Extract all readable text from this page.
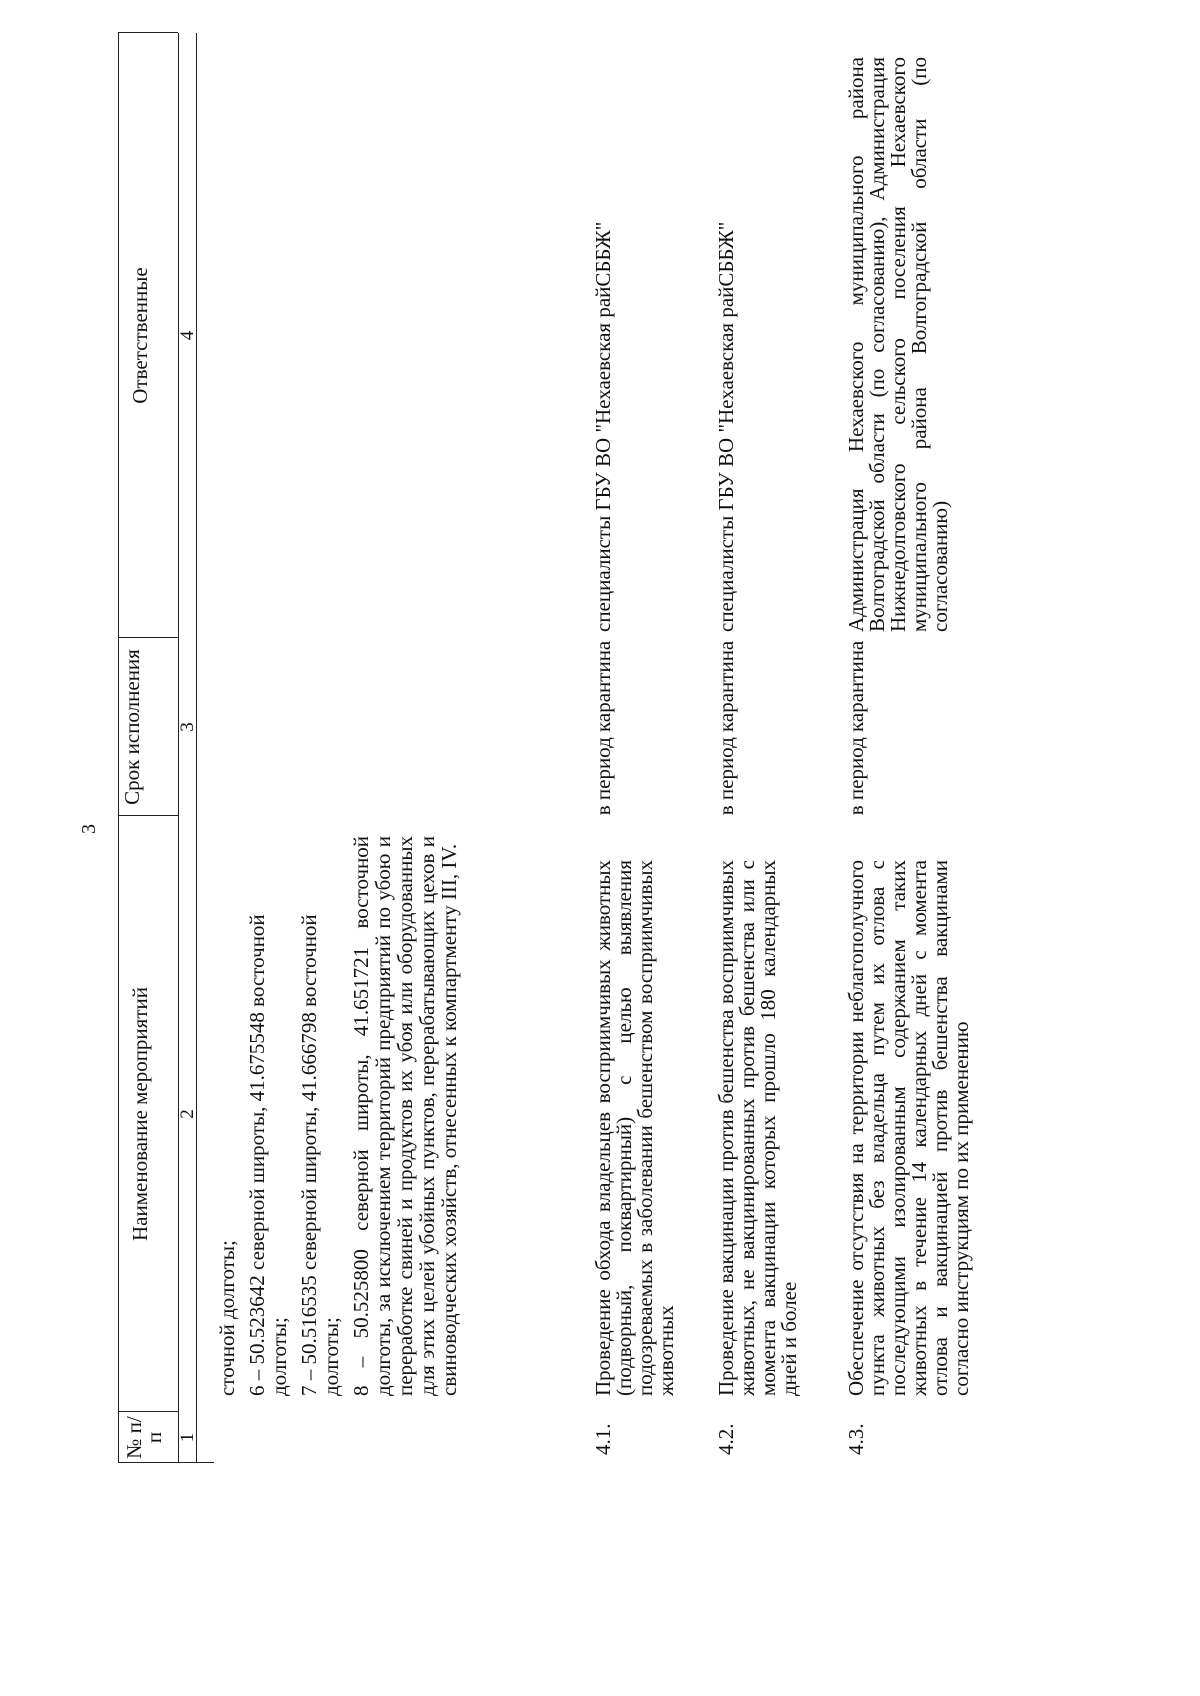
3
№ п/п
Наименование мероприятий
Срок исполнения
Ответственные
1
2
3
4

сточной долготы; 6 – 50.523642 северной широты, 41.675548 восточной долготы; 7 – 50.516535 северной широты, 41.666798 восточной долготы; 8 – 50.525800 северной широты, 41.651721 восточной долготы, за исключением территорий предприятий по убою и переработке свиней и продуктов их убоя или оборудованных для этих целей убойных пунктов, перерабатывающих цехов и свиноводческих хозяйств, отнесенных к компартменту III, IV.

4.1.
Проведение обхода владельцев восприимчивых животных (подворный, поквартирный) с целью выявления подозреваемых в заболевании бешенством восприимчивых животных
в период карантина
специалисты ГБУ ВО "Нехаевская райСББЖ"
4.2.
Проведение вакцинации против бешенства восприимчивых животных, не вакцинированных против бешенства или с момента вакцинации которых прошло 180 календарных дней и более
в период карантина
специалисты ГБУ ВО "Нехаевская райСББЖ"
4.3.
Обеспечение отсутствия на территории неблагополучного пункта животных без владельца путем их отлова с последующими изолированным содержанием таких животных в течение 14 календарных дней с момента отлова и вакцинацией против бешенства вакцинами согласно инструкциям по их применению
в период карантина
Администрация Нехаевского муниципального района Волгоградской области (по согласованию), Администрация Нижнедолговского сельского поселения Нехаевского муниципального района Волгоградской области (по согласованию)
